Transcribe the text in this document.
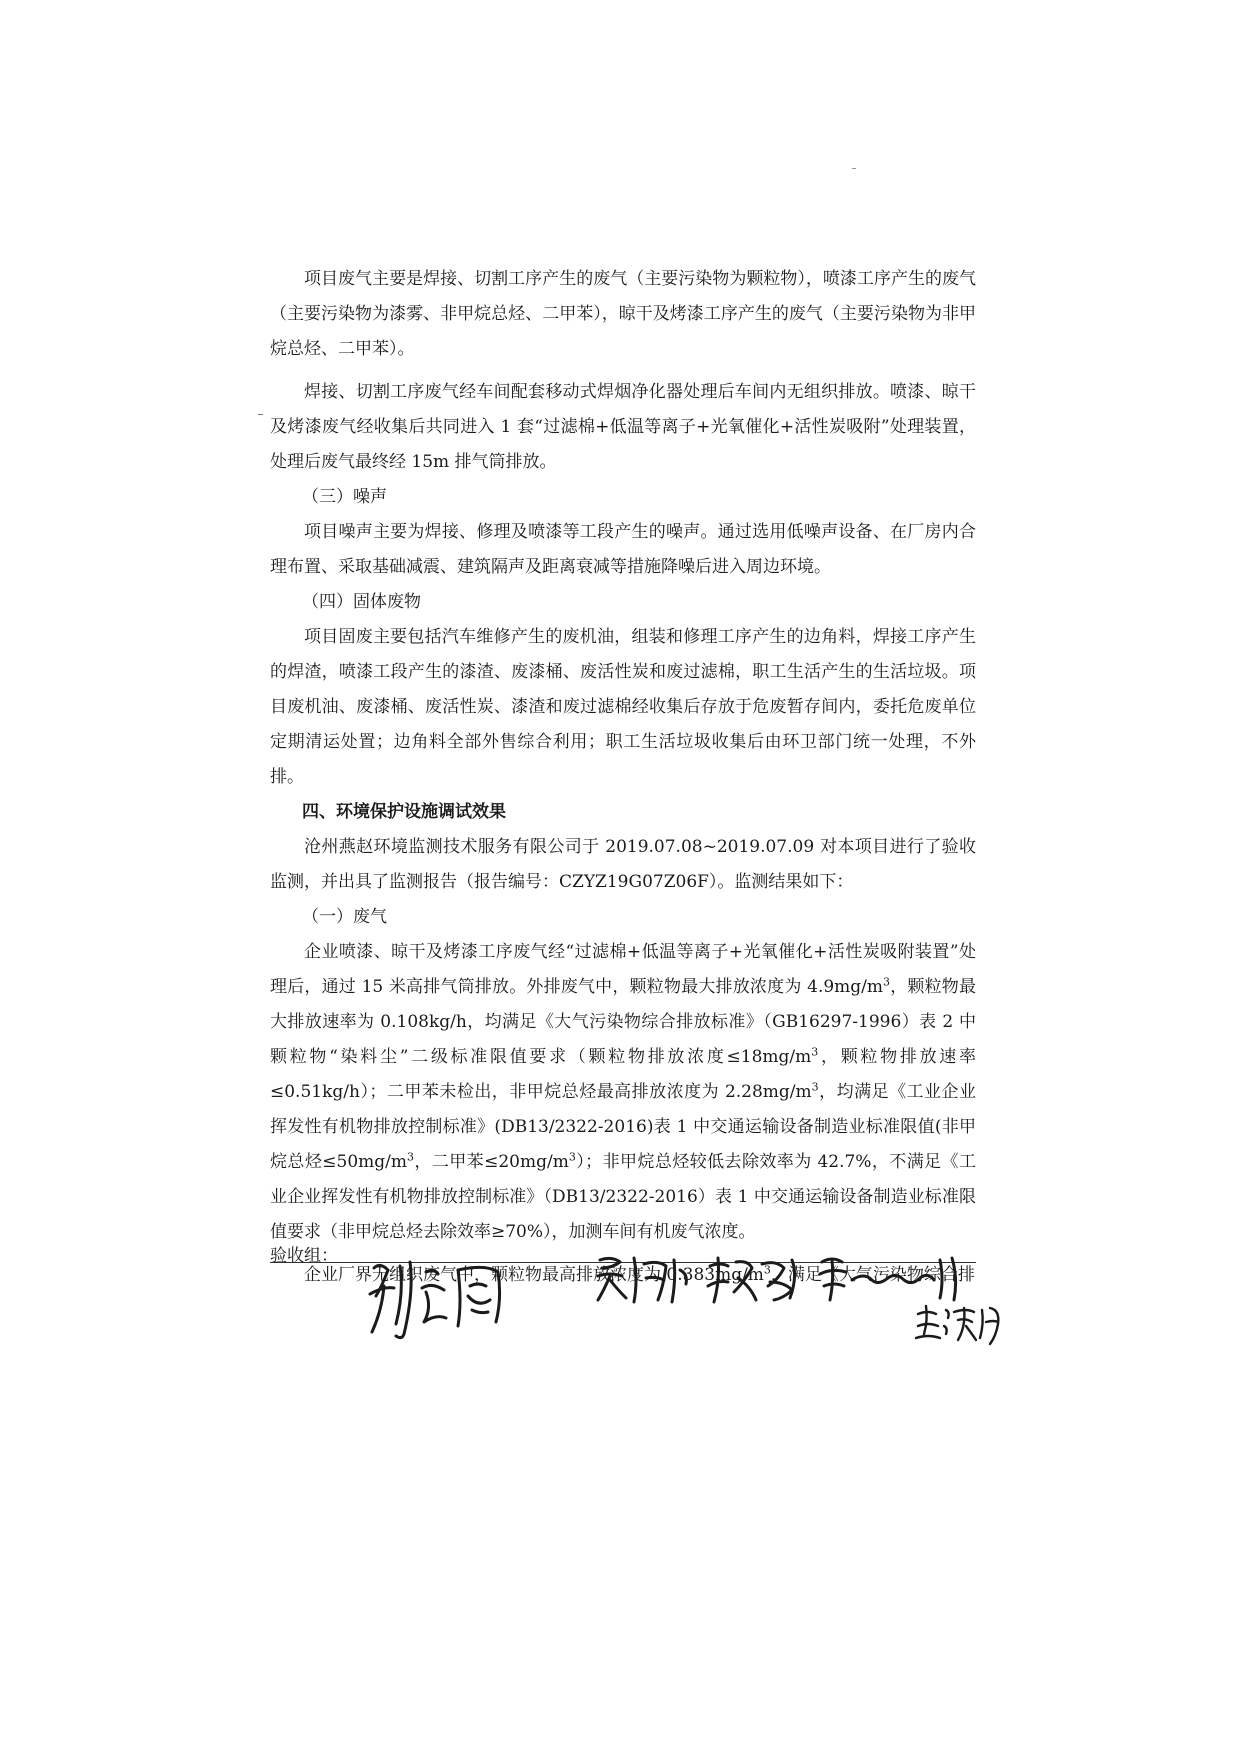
项目废气主要是焊接、切割工序产生的废气（主要污染物为颗粒物），喷漆工序产生的废气（主要污染物为漆雾、非甲烷总烃、二甲苯），晾干及烤漆工序产生的废气（主要污染物为非甲烷总烃、二甲苯）。

焊接、切割工序废气经车间配套移动式焊烟净化器处理后车间内无组织排放。喷漆、晾干及烤漆废气经收集后共同进入 1 套“过滤棉+低温等离子+光氧催化+活性炭吸附”处理装置，处理后废气最终经 15m 排气筒排放。

（三）噪声

项目噪声主要为焊接、修理及喷漆等工段产生的噪声。通过选用低噪声设备、在厂房内合理布置、采取基础减震、建筑隔声及距离衰减等措施降噪后进入周边环境。

（四）固体废物

项目固废主要包括汽车维修产生的废机油，组装和修理工序产生的边角料，焊接工序产生的焊渣，喷漆工段产生的漆渣、废漆桶、废活性炭和废过滤棉，职工生活产生的生活垃圾。项目废机油、废漆桶、废活性炭、漆渣和废过滤棉经收集后存放于危废暂存间内，委托危废单位定期清运处置；边角料全部外售综合利用；职工生活垃圾收集后由环卫部门统一处理，不外排。

四、环境保护设施调试效果

沧州燕赵环境监测技术服务有限公司于 2019.07.08~2019.07.09 对本项目进行了验收监测，并出具了监测报告（报告编号：CZYZ19G07Z06F）。监测结果如下：

（一）废气

企业喷漆、晾干及烤漆工序废气经“过滤棉+低温等离子+光氧催化+活性炭吸附装置”处理后，通过 15 米高排气筒排放。外排废气中，颗粒物最大排放浓度为 $4.9mg/m^3$，颗粒物最大排放速率为 0.108kg/h，均满足《大气污染物综合排放标准》（GB16297-1996）表 2 中颗粒物“染料尘”二级标准限值要求（颗粒物排放浓度$\le 18mg/m^3$，颗粒物排放速率≤0.51kg/h）；二甲苯未检出，非甲烷总烃最高排放浓度为 $2.28mg/m^3$，均满足《工业企业挥发性有机物排放控制标准》(DB13/2322-2016)表 1 中交通运输设备制造业标准限值(非甲烷总烃$\le 50mg/m^3$，二甲苯$\le 20mg/m^3$）；非甲烷总烃较低去除效率为 42.7%，不满足《工业企业挥发性有机物排放控制标准》（DB13/2322-2016）表 1 中交通运输设备制造业标准限值要求（非甲烷总烃去除效率≥70%），加测车间有机废气浓度。

企业厂界无组织废气中，颗粒物最高排放浓度为 $0.383mg/m^3$，满足《大气污染物综合排

验收组：
